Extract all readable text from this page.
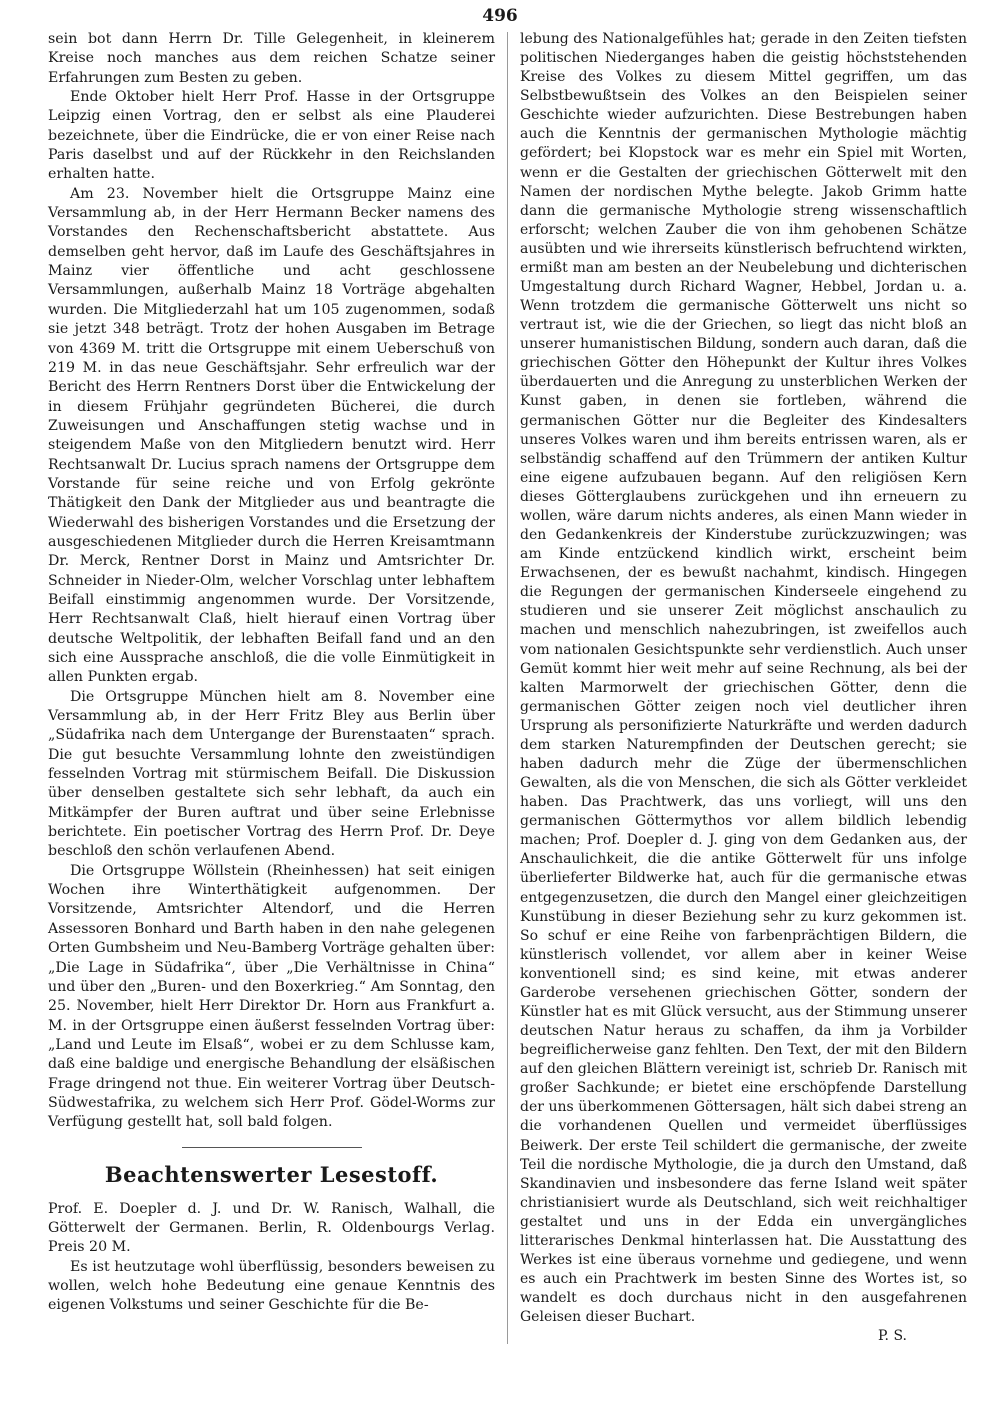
496

sein bot dann Herrn Dr. Tille Gelegenheit, in kleinerem Kreise noch manches aus dem reichen Schatze seiner Erfahrungen zum Besten zu geben.

Ende Oktober hielt Herr Prof. Hasse in der Ortsgruppe Leipzig einen Vortrag, den er selbst als eine Plauderei bezeichnete, über die Eindrücke, die er von einer Reise nach Paris daselbst und auf der Rückkehr in den Reichslanden erhalten hatte.

Am 23. November hielt die Ortsgruppe Mainz eine Versammlung ab, in der Herr Hermann Becker namens des Vorstandes den Rechenschaftsbericht abstattete. Aus demselben geht hervor, daß im Laufe des Geschäftsjahres in Mainz vier öffentliche und acht geschlossene Versammlungen, außerhalb Mainz 18 Vorträge abgehalten wurden. Die Mitgliederzahl hat um 105 zugenommen, sodaß sie jetzt 348 beträgt. Trotz der hohen Ausgaben im Betrage von 4369 M. tritt die Ortsgruppe mit einem Ueberschuß von 219 M. in das neue Geschäftsjahr. Sehr erfreulich war der Bericht des Herrn Rentners Dorst über die Entwickelung der in diesem Frühjahr gegründeten Bücherei, die durch Zuweisungen und Anschaffungen stetig wachse und in steigendem Maße von den Mitgliedern benutzt wird. Herr Rechtsanwalt Dr. Lucius sprach namens der Ortsgruppe dem Vorstande für seine reiche und von Erfolg gekrönte Thätigkeit den Dank der Mitglieder aus und beantragte die Wiederwahl des bisherigen Vorstandes und die Ersetzung der ausgeschiedenen Mitglieder durch die Herren Kreisamtmann Dr. Merck, Rentner Dorst in Mainz und Amtsrichter Dr. Schneider in Nieder-Olm, welcher Vorschlag unter lebhaftem Beifall einstimmig angenommen wurde. Der Vorsitzende, Herr Rechtsanwalt Claß, hielt hierauf einen Vortrag über deutsche Weltpolitik, der lebhaften Beifall fand und an den sich eine Aussprache anschloß, die die volle Einmütigkeit in allen Punkten ergab.

Die Ortsgruppe München hielt am 8. November eine Versammlung ab, in der Herr Fritz Bley aus Berlin über „Südafrika nach dem Untergange der Burenstaaten“ sprach. Die gut besuchte Versammlung lohnte den zweistündigen fesselnden Vortrag mit stürmischem Beifall. Die Diskussion über denselben gestaltete sich sehr lebhaft, da auch ein Mitkämpfer der Buren auftrat und über seine Erlebnisse berichtete. Ein poetischer Vortrag des Herrn Prof. Dr. Deye beschloß den schön verlaufenen Abend.

Die Ortsgruppe Wöllstein (Rheinhessen) hat seit einigen Wochen ihre Winterthätigkeit aufgenommen. Der Vorsitzende, Amtsrichter Altendorf, und die Herren Assessoren Bonhard und Barth haben in den nahe gelegenen Orten Gumbsheim und Neu-Bamberg Vorträge gehalten über: „Die Lage in Südafrika“, über „Die Verhältnisse in China“ und über den „Buren- und den Boxerkrieg.“ Am Sonntag, den 25. November, hielt Herr Direktor Dr. Horn aus Frankfurt a. M. in der Ortsgruppe einen äußerst fesselnden Vortrag über: „Land und Leute im Elsaß“, wobei er zu dem Schlusse kam, daß eine baldige und energische Behandlung der elsäßischen Frage dringend not thue. Ein weiterer Vortrag über Deutsch-Südwestafrika, zu welchem sich Herr Prof. Gödel-Worms zur Verfügung gestellt hat, soll bald folgen.

Beachtenswerter Lesestoff.

Prof. E. Doepler d. J. und Dr. W. Ranisch, Walhall, die Götterwelt der Germanen. Berlin, R. Oldenbourgs Verlag. Preis 20 M.

Es ist heutzutage wohl überflüssig, besonders beweisen zu wollen, welch hohe Bedeutung eine genaue Kenntnis des eigenen Volkstums und seiner Geschichte für die Be-

lebung des Nationalgefühles hat; gerade in den Zeiten tiefsten politischen Niederganges haben die geistig höchststehenden Kreise des Volkes zu diesem Mittel gegriffen, um das Selbstbewußtsein des Volkes an den Beispielen seiner Geschichte wieder aufzurichten. Diese Bestrebungen haben auch die Kenntnis der germanischen Mythologie mächtig gefördert; bei Klopstock war es mehr ein Spiel mit Worten, wenn er die Gestalten der griechischen Götterwelt mit den Namen der nordischen Mythe belegte. Jakob Grimm hatte dann die germanische Mythologie streng wissenschaftlich erforscht; welchen Zauber die von ihm gehobenen Schätze ausübten und wie ihrerseits künstlerisch befruchtend wirkten, ermißt man am besten an der Neubelebung und dichterischen Umgestaltung durch Richard Wagner, Hebbel, Jordan u. a. Wenn trotzdem die germanische Götterwelt uns nicht so vertraut ist, wie die der Griechen, so liegt das nicht bloß an unserer humanistischen Bildung, sondern auch daran, daß die griechischen Götter den Höhepunkt der Kultur ihres Volkes überdauerten und die Anregung zu unsterblichen Werken der Kunst gaben, in denen sie fortleben, während die germanischen Götter nur die Begleiter des Kindesalters unseres Volkes waren und ihm bereits entrissen waren, als er selbständig schaffend auf den Trümmern der antiken Kultur eine eigene aufzubauen begann. Auf den religiösen Kern dieses Götterglaubens zurückgehen und ihn erneuern zu wollen, wäre darum nichts anderes, als einen Mann wieder in den Gedankenkreis der Kinderstube zurückzuzwingen; was am Kinde entzückend kindlich wirkt, erscheint beim Erwachsenen, der es bewußt nachahmt, kindisch. Hingegen die Regungen der germanischen Kinderseele eingehend zu studieren und sie unserer Zeit möglichst anschaulich zu machen und menschlich nahezubringen, ist zweifellos auch vom nationalen Gesichtspunkte sehr verdienstlich. Auch unser Gemüt kommt hier weit mehr auf seine Rechnung, als bei der kalten Marmorwelt der griechischen Götter, denn die germanischen Götter zeigen noch viel deutlicher ihren Ursprung als personifizierte Naturkräfte und werden dadurch dem starken Naturempfinden der Deutschen gerecht; sie haben dadurch mehr die Züge der übermenschlichen Gewalten, als die von Menschen, die sich als Götter verkleidet haben. Das Prachtwerk, das uns vorliegt, will uns den germanischen Göttermythos vor allem bildlich lebendig machen; Prof. Doepler d. J. ging von dem Gedanken aus, der Anschaulichkeit, die die antike Götterwelt für uns infolge überlieferter Bildwerke hat, auch für die germanische etwas entgegenzusetzen, die durch den Mangel einer gleichzeitigen Kunstübung in dieser Beziehung sehr zu kurz gekommen ist. So schuf er eine Reihe von farbenprächtigen Bildern, die künstlerisch vollendet, vor allem aber in keiner Weise konventionell sind; es sind keine, mit etwas anderer Garderobe versehenen griechischen Götter, sondern der Künstler hat es mit Glück versucht, aus der Stimmung unserer deutschen Natur heraus zu schaffen, da ihm ja Vorbilder begreiflicherweise ganz fehlten. Den Text, der mit den Bildern auf den gleichen Blättern vereinigt ist, schrieb Dr. Ranisch mit großer Sachkunde; er bietet eine erschöpfende Darstellung der uns überkommenen Göttersagen, hält sich dabei streng an die vorhandenen Quellen und vermeidet überflüssiges Beiwerk. Der erste Teil schildert die germanische, der zweite Teil die nordische Mythologie, die ja durch den Umstand, daß Skandinavien und insbesondere das ferne Island weit später christianisiert wurde als Deutschland, sich weit reichhaltiger gestaltet und uns in der Edda ein unvergängliches litterarisches Denkmal hinterlassen hat. Die Ausstattung des Werkes ist eine überaus vornehme und gediegene, und wenn es auch ein Prachtwerk im besten Sinne des Wortes ist, so wandelt es doch durchaus nicht in den ausgefahrenen Geleisen dieser Buchart.

P. S.
